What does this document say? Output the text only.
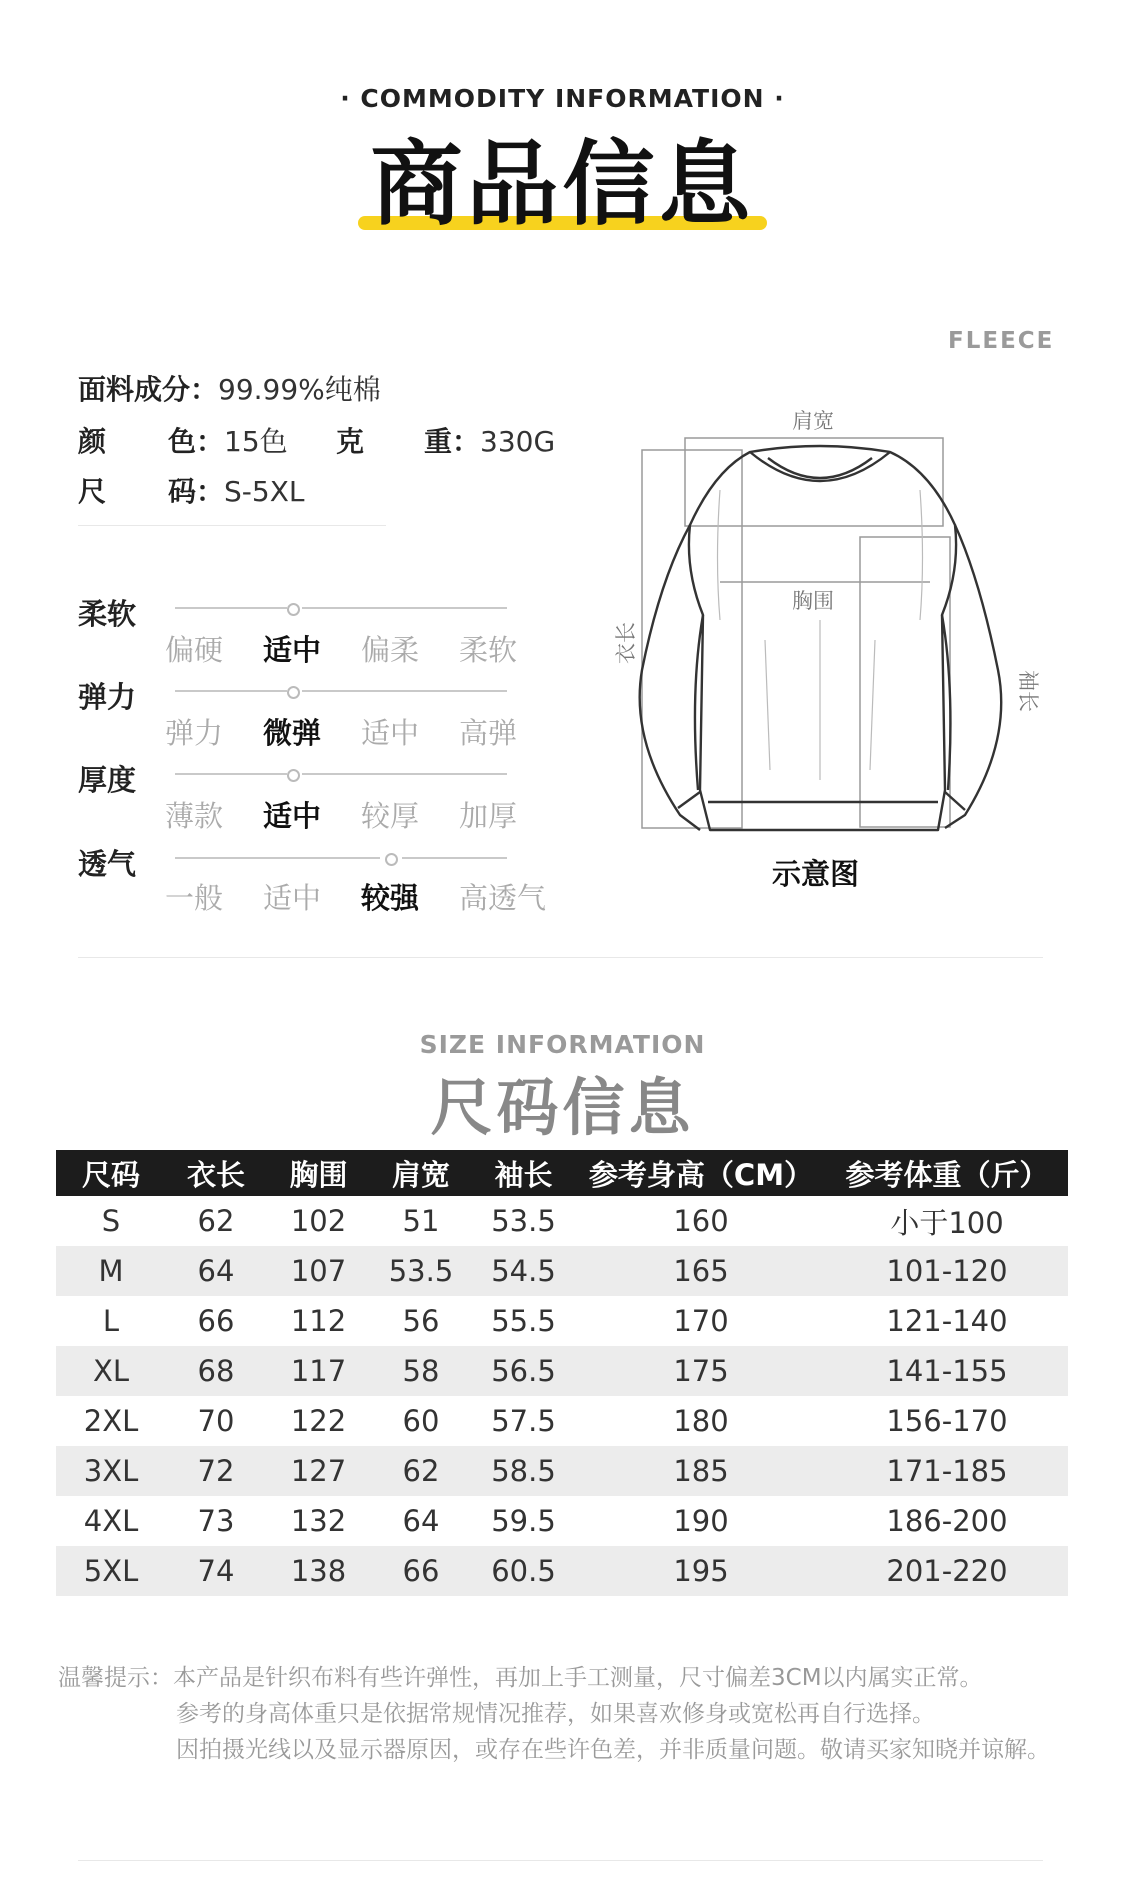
· COMMODITY INFORMATION ·
商品信息
FLEECE
面料成分：99.99%纯棉
颜 色：15色 克 重：330G
尺 码：S-5XL
柔软
偏硬	适中	偏柔	柔软
弹力
弹力	微弹	适中	高弹
厚度
薄款	适中	较厚	加厚
透气
一般	适中	较强	高透气
肩宽
胸围
衣长
袖长
示意图
SIZE INFORMATION
尺码信息
尺码	衣长	胸围	肩宽	袖长	参考身高（CM）	参考体重（斤）
S	62	102	51	53.5	160	小于100
M	64	107	53.5	54.5	165	101-120
L	66	112	56	55.5	170	121-140
XL	68	117	58	56.5	175	141-155
2XL	70	122	60	57.5	180	156-170
3XL	72	127	62	58.5	185	171-185
4XL	73	132	64	59.5	190	186-200
5XL	74	138	66	60.5	195	201-220
温馨提示：本产品是针织布料有些许弹性，再加上手工测量，尺寸偏差3CM以内属实正常。
参考的身高体重只是依据常规情况推荐，如果喜欢修身或宽松再自行选择。
因拍摄光线以及显示器原因，或存在些许色差，并非质量问题。敬请买家知晓并谅解。
